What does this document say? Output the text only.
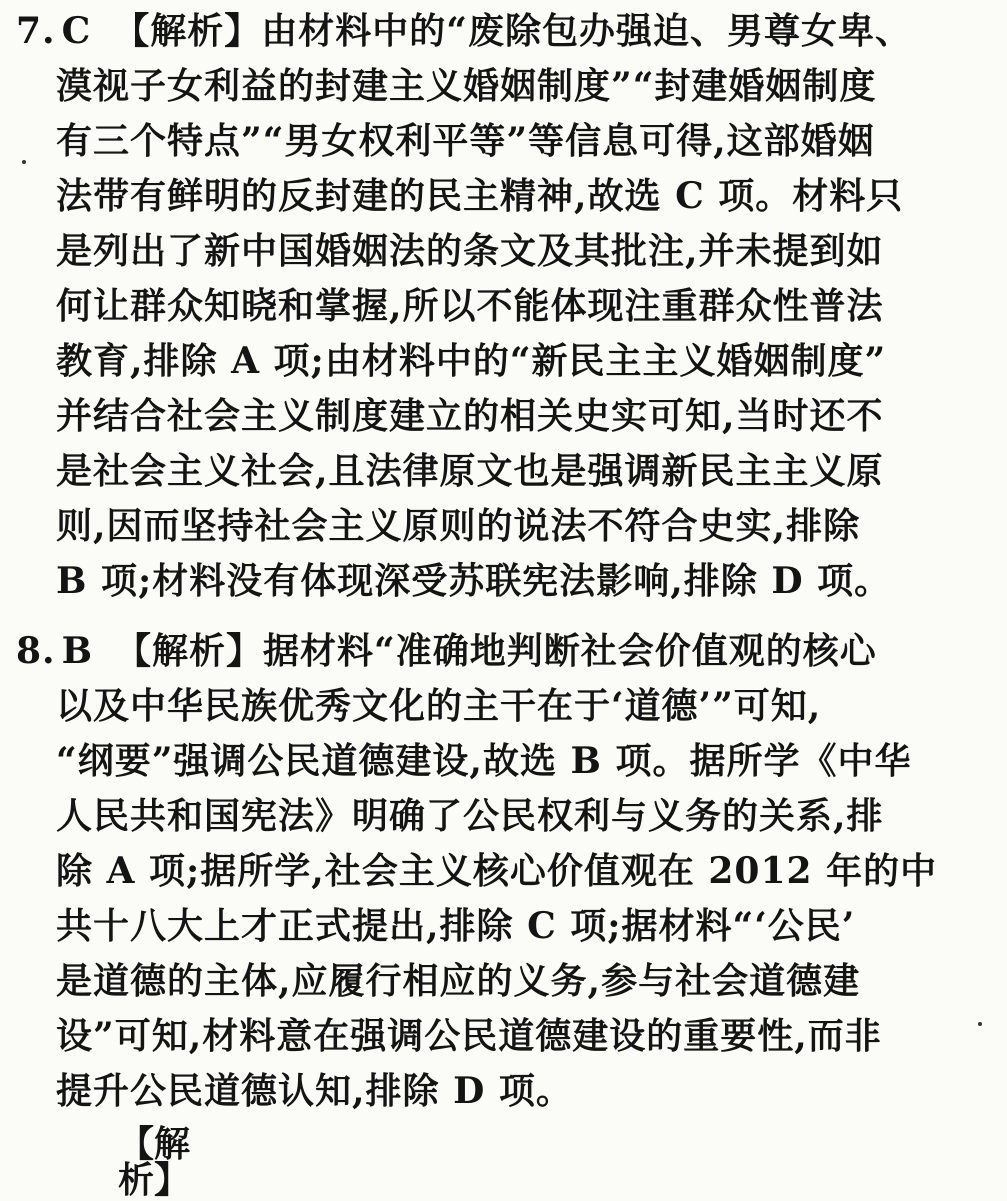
7. C 【解析】由材料中的“废除包办强迫、男尊女卑、
漠视子女利益的封建主义婚姻制度”“封建婚姻制度
有三个特点”“男女权利平等”等信息可得,这部婚姻
法带有鲜明的反封建的民主精神,故选 C 项。材料只
是列出了新中国婚姻法的条文及其批注,并未提到如
何让群众知晓和掌握,所以不能体现注重群众性普法
教育,排除 A 项;由材料中的“新民主主义婚姻制度”
并结合社会主义制度建立的相关史实可知,当时还不
是社会主义社会,且法律原文也是强调新民主主义原
则,因而坚持社会主义原则的说法不符合史实,排除
B 项;材料没有体现深受苏联宪法影响,排除 D 项。
8. B 【解析】据材料“准确地判断社会价值观的核心
以及中华民族优秀文化的主干在于‘道德’”可知,
“纲要”强调公民道德建设,故选 B 项。据所学《中华
人民共和国宪法》明确了公民权利与义务的关系,排
除 A 项;据所学,社会主义核心价值观在 2012 年的中
共十八大上才正式提出,排除 C 项;据材料“‘公民’
是道德的主体,应履行相应的义务,参与社会道德建
设”可知,材料意在强调公民道德建设的重要性,而非
提升公民道德认知,排除 D 项。
【解析】
